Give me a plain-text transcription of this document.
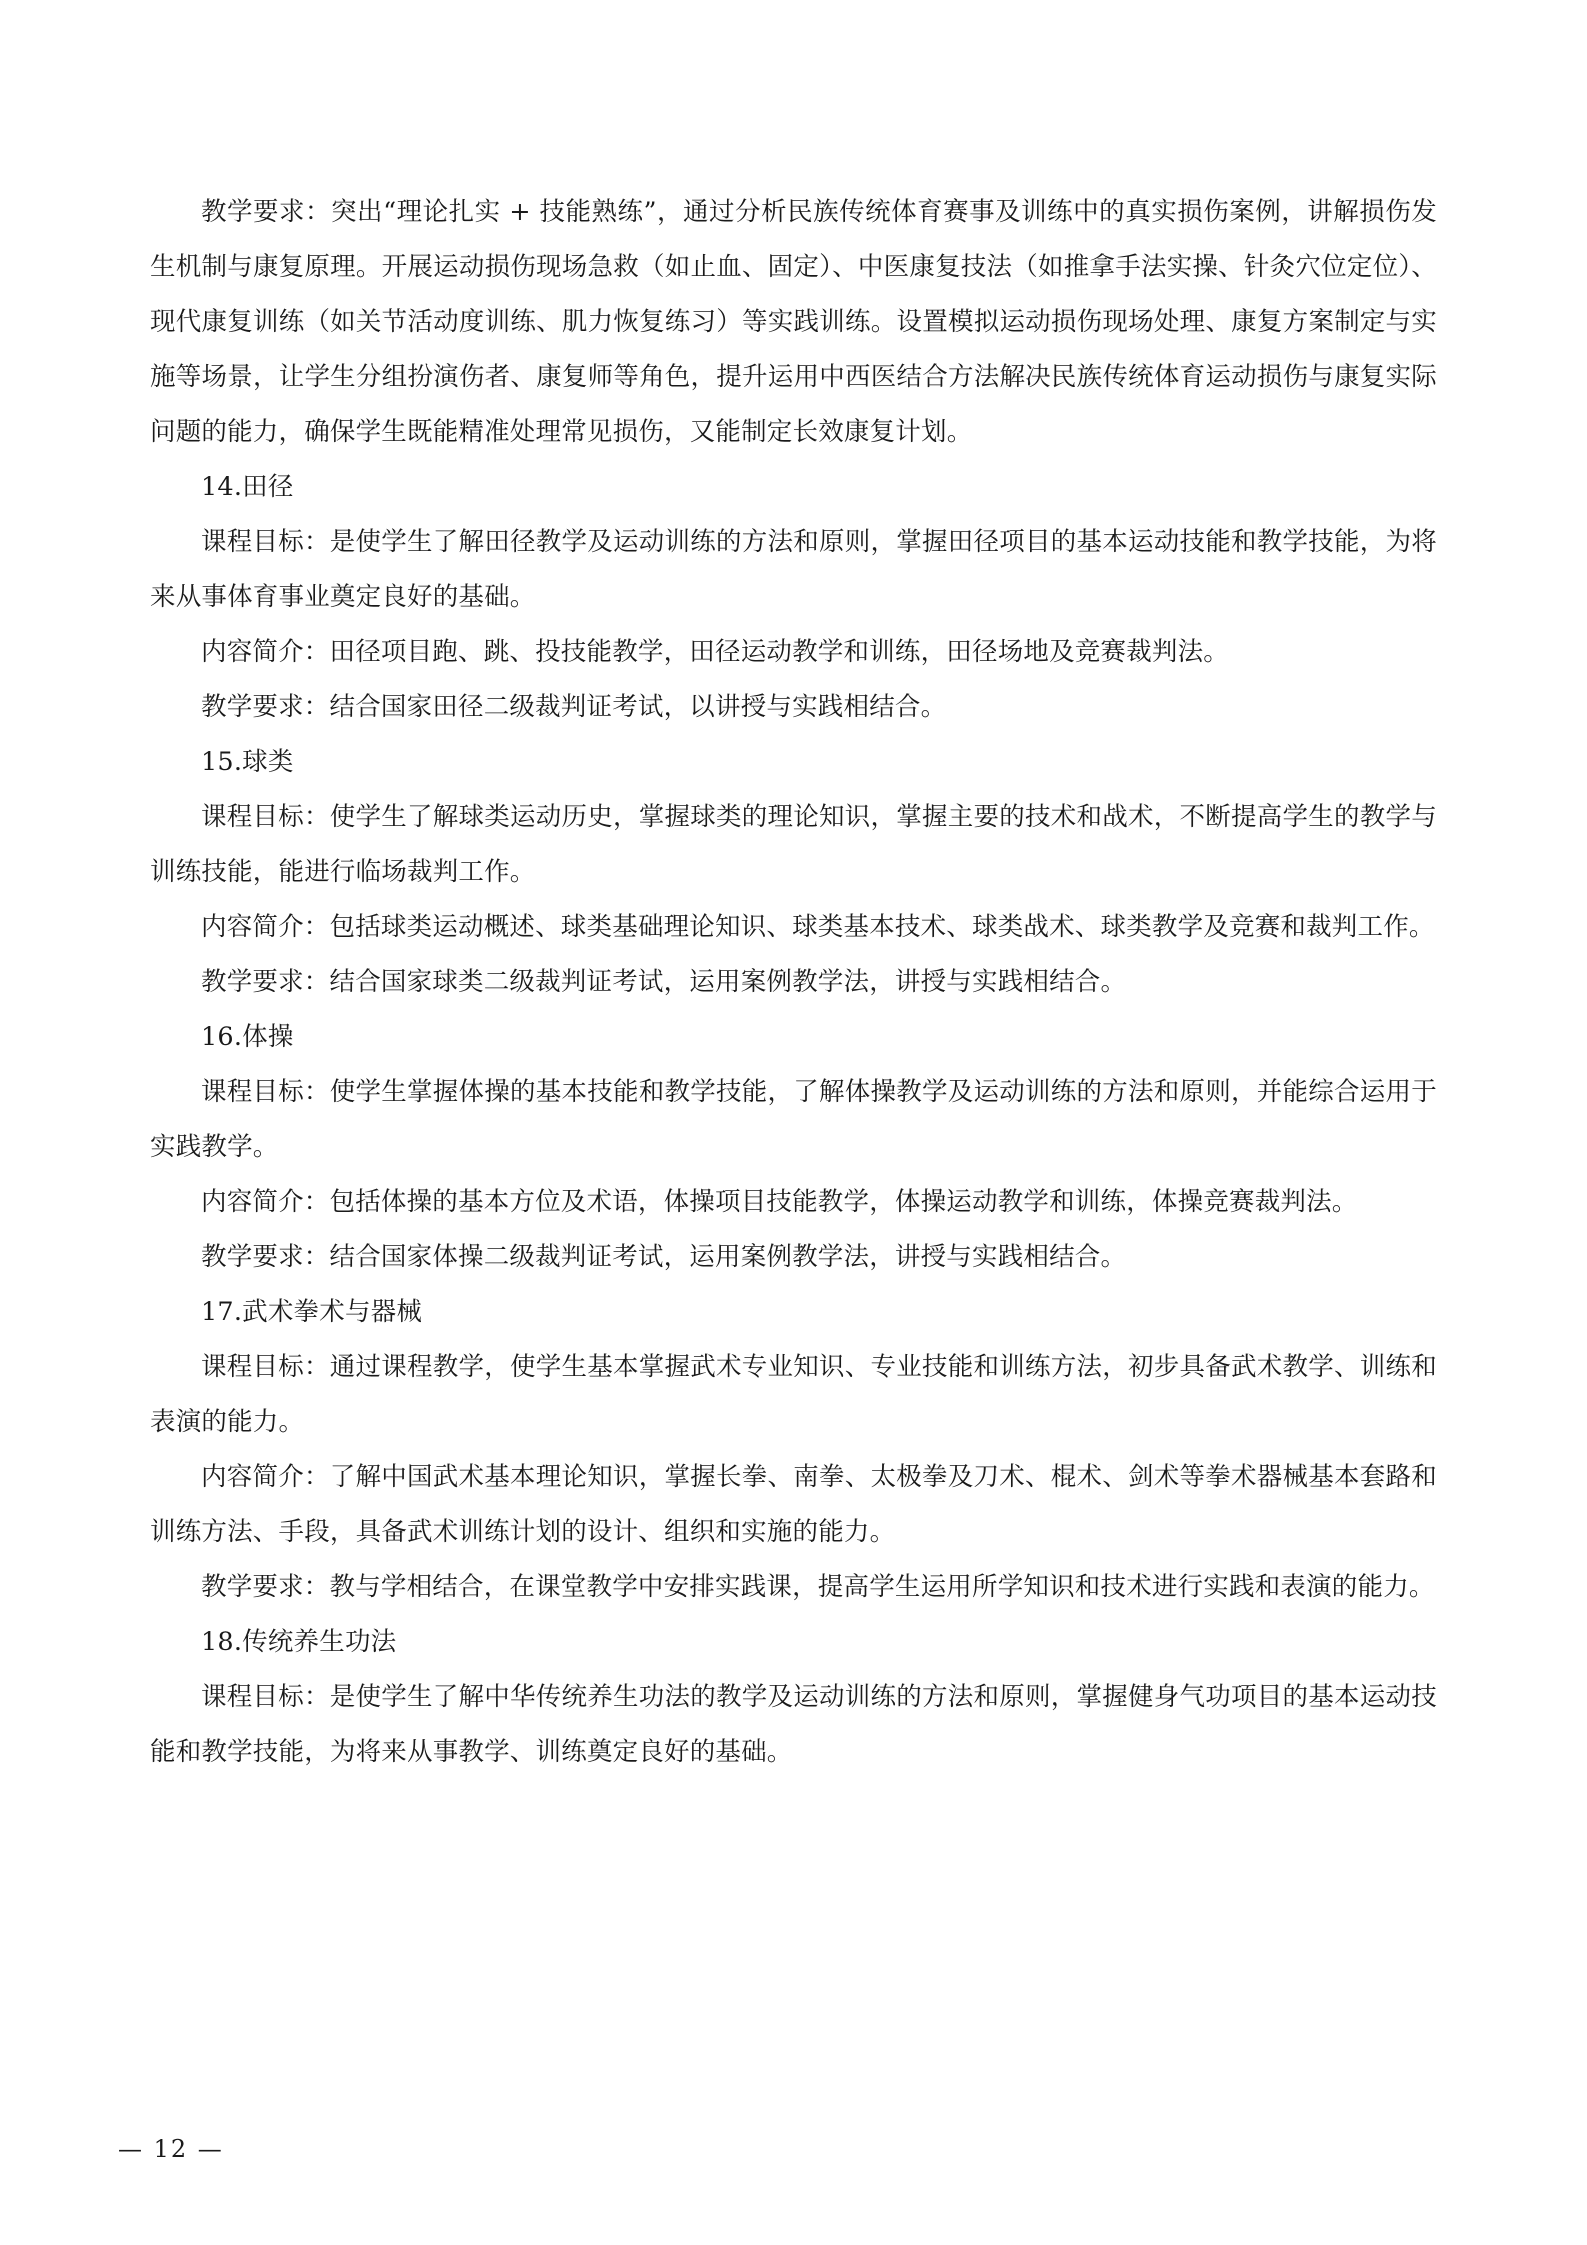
教学要求：突出“理论扎实 + 技能熟练”，通过分析民族传统体育赛事及训练中的真实损伤案例，讲解损伤发生机制与康复原理。开展运动损伤现场急救（如止血、固定）、中医康复技法（如推拿手法实操、针灸穴位定位）、现代康复训练（如关节活动度训练、肌力恢复练习）等实践训练。设置模拟运动损伤现场处理、康复方案制定与实施等场景，让学生分组扮演伤者、康复师等角色，提升运用中西医结合方法解决民族传统体育运动损伤与康复实际问题的能力，确保学生既能精准处理常见损伤，又能制定长效康复计划。

14.田径

课程目标：是使学生了解田径教学及运动训练的方法和原则，掌握田径项目的基本运动技能和教学技能，为将来从事体育事业奠定良好的基础。

内容简介：田径项目跑、跳、投技能教学，田径运动教学和训练，田径场地及竞赛裁判法。

教学要求：结合国家田径二级裁判证考试，以讲授与实践相结合。

15.球类

课程目标：使学生了解球类运动历史，掌握球类的理论知识，掌握主要的技术和战术，不断提高学生的教学与训练技能，能进行临场裁判工作。

内容简介：包括球类运动概述、球类基础理论知识、球类基本技术、球类战术、球类教学及竞赛和裁判工作。

教学要求：结合国家球类二级裁判证考试，运用案例教学法，讲授与实践相结合。

16.体操

课程目标：使学生掌握体操的基本技能和教学技能，了解体操教学及运动训练的方法和原则，并能综合运用于实践教学。

内容简介：包括体操的基本方位及术语，体操项目技能教学，体操运动教学和训练，体操竞赛裁判法。

教学要求：结合国家体操二级裁判证考试，运用案例教学法，讲授与实践相结合。

17.武术拳术与器械

课程目标：通过课程教学，使学生基本掌握武术专业知识、专业技能和训练方法，初步具备武术教学、训练和表演的能力。

内容简介：了解中国武术基本理论知识，掌握长拳、南拳、太极拳及刀术、棍术、剑术等拳术器械基本套路和训练方法、手段，具备武术训练计划的设计、组织和实施的能力。

教学要求：教与学相结合，在课堂教学中安排实践课，提高学生运用所学知识和技术进行实践和表演的能力。

18.传统养生功法

课程目标：是使学生了解中华传统养生功法的教学及运动训练的方法和原则，掌握健身气功项目的基本运动技能和教学技能，为将来从事教学、训练奠定良好的基础。

— 12 —
